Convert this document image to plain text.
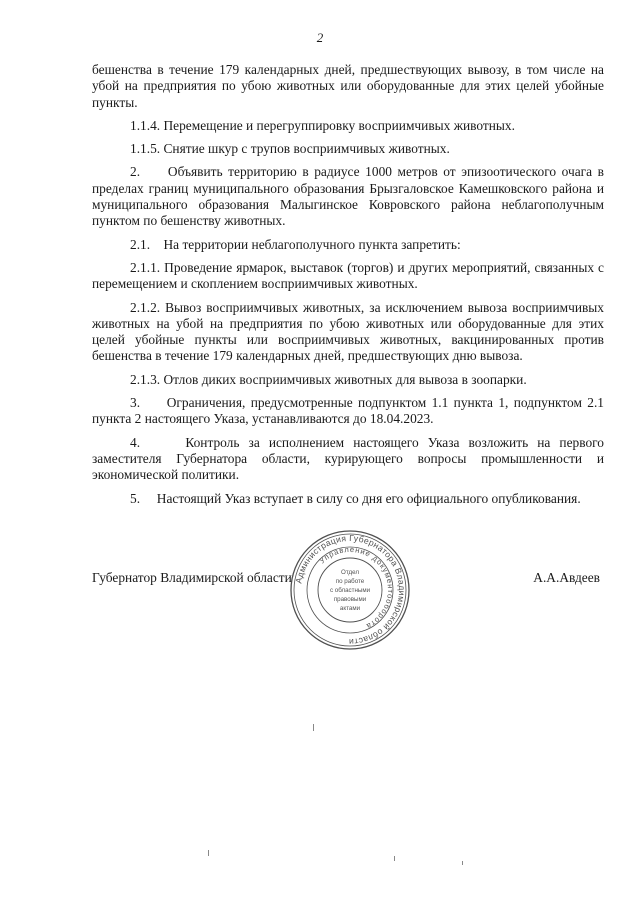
2

бешенства в течение 179 календарных дней, предшествующих вывозу, в том числе на убой на предприятия по убою животных или оборудованные для этих целей убойные пункты.

1.1.4. Перемещение и перегруппировку восприимчивых животных.

1.1.5. Снятие шкур с трупов восприимчивых животных.

2.     Объявить территорию в радиусе 1000 метров от эпизоотического очага в пределах границ муниципального образования Брызгаловское Камешковского района и муниципального образования Малыгинское Ковровского района неблагополучным пунктом по бешенству животных.

2.1.    На территории неблагополучного пункта запретить:

2.1.1. Проведение ярмарок, выставок (торгов) и других мероприятий, связанных с перемещением и скоплением восприимчивых животных.

2.1.2. Вывоз восприимчивых животных, за исключением вывоза восприимчивых животных на убой на предприятия по убою животных или оборудованные для этих целей убойные пункты или восприимчивых животных, вакцинированных против бешенства в течение 179 календарных дней, предшествующих дню вывоза.

2.1.3. Отлов диких восприимчивых животных для вывоза в зоопарки.

3.     Ограничения, предусмотренные подпунктом 1.1 пункта 1, подпунктом 2.1 пункта 2 настоящего Указа, устанавливаются до 18.04.2023.

4.     Контроль за исполнением настоящего Указа возложить на первого заместителя Губернатора области, курирующего вопросы промышленности и экономической политики.

5.     Настоящий Указ вступает в силу со дня его официального опубликования.

Губернатор Владимирской области	А.А.Авдеев
Администрация Губернатора Владимирской области
Управление документооборота
Отдел
по работе
с областными
правовыми
актами
